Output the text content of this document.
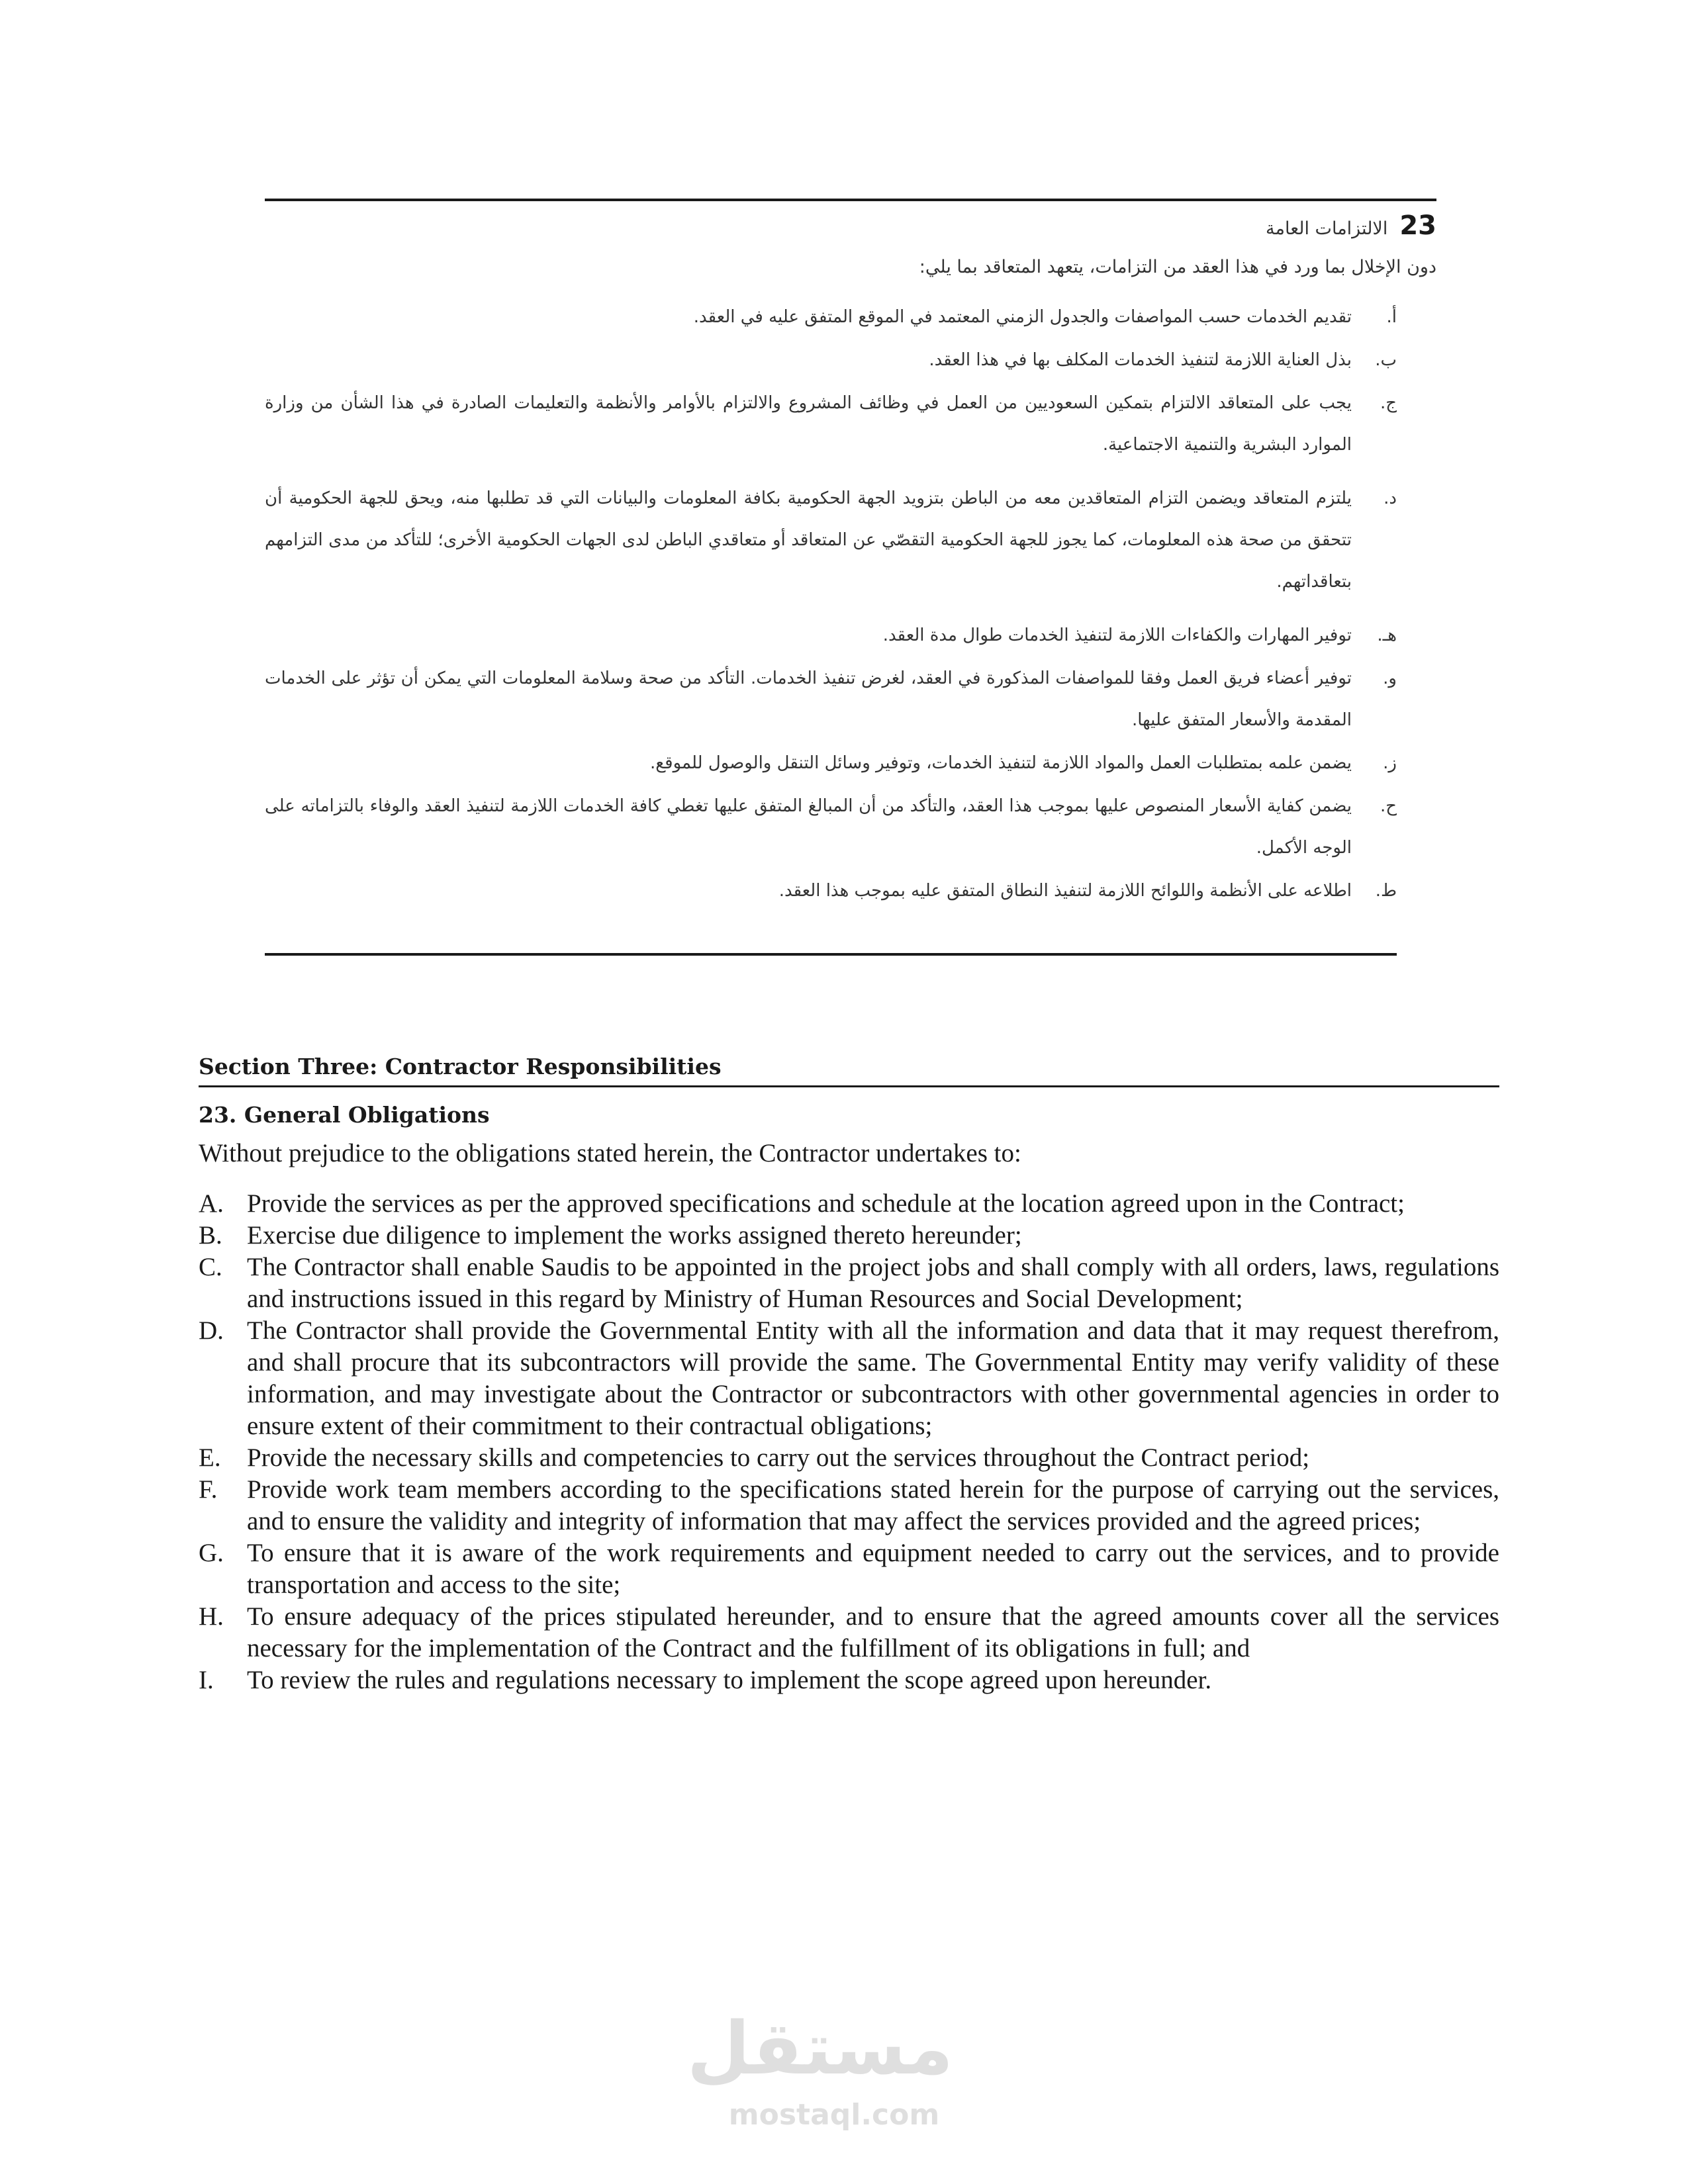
23الالتزامات العامة
دون الإخلال بما ورد في هذا العقد من التزامات، يتعهد المتعاقد بما يلي:
أ.
تقديم الخدمات حسب المواصفات والجدول الزمني المعتمد في الموقع المتفق عليه في العقد.
ب.
بذل العناية اللازمة لتنفيذ الخدمات المكلف بها في هذا العقد.
ج.
يجب على المتعاقد الالتزام بتمكين السعوديين من العمل في وظائف المشروع والالتزام بالأوامر والأنظمة والتعليمات الصادرة في هذا الشأن من وزارة الموارد البشرية والتنمية الاجتماعية.
د.
يلتزم المتعاقد ويضمن التزام المتعاقدين معه من الباطن بتزويد الجهة الحكومية بكافة المعلومات والبيانات التي قد تطلبها منه، ويحق للجهة الحكومية أن تتحقق من صحة هذه المعلومات، كما يجوز للجهة الحكومية التقصّي عن المتعاقد أو متعاقدي الباطن لدى الجهات الحكومية الأخرى؛ للتأكد من مدى التزامهم بتعاقداتهم.
هـ.
توفير المهارات والكفاءات اللازمة لتنفيذ الخدمات طوال مدة العقد.
و.
توفير أعضاء فريق العمل وفقا للمواصفات المذكورة في العقد، لغرض تنفيذ الخدمات. التأكد من صحة وسلامة المعلومات التي يمكن أن تؤثر على الخدمات المقدمة والأسعار المتفق عليها.
ز.
يضمن علمه بمتطلبات العمل والمواد اللازمة لتنفيذ الخدمات، وتوفير وسائل التنقل والوصول للموقع.
ح.
يضمن كفاية الأسعار المنصوص عليها بموجب هذا العقد، والتأكد من أن المبالغ المتفق عليها تغطي كافة الخدمات اللازمة لتنفيذ العقد والوفاء بالتزاماته على الوجه الأكمل.
ط.
اطلاعه على الأنظمة واللوائح اللازمة لتنفيذ النطاق المتفق عليه بموجب هذا العقد.
Section Three: Contractor Responsibilities
23. General Obligations

Without prejudice to the obligations stated herein, the Contractor undertakes to:

A. Provide the services as per the approved specifications and schedule at the location agreed upon in the Contract;
B. Exercise due diligence to implement the works assigned thereto hereunder;
C. The Contractor shall enable Saudis to be appointed in the project jobs and shall comply with all orders, laws, regulations and instructions issued in this regard by Ministry of Human Resources and Social Development;
D. The Contractor shall provide the Governmental Entity with all the information and data that it may request therefrom, and shall procure that its subcontractors will provide the same. The Governmental Entity may verify validity of these information, and may investigate about the Contractor or subcontractors with other governmental agencies in order to ensure extent of their commitment to their contractual obligations;
E. Provide the necessary skills and competencies to carry out the services throughout the Contract period;
F. Provide work team members according to the specifications stated herein for the purpose of carrying out the services, and to ensure the validity and integrity of information that may affect the services provided and the agreed prices;
G. To ensure that it is aware of the work requirements and equipment needed to carry out the services, and to provide transportation and access to the site;
H. To ensure adequacy of the prices stipulated hereunder, and to ensure that the agreed amounts cover all the services necessary for the implementation of the Contract and the fulfillment of its obligations in full; and
I. To review the rules and regulations necessary to implement the scope agreed upon hereunder.
مستقل
mostaql.com
